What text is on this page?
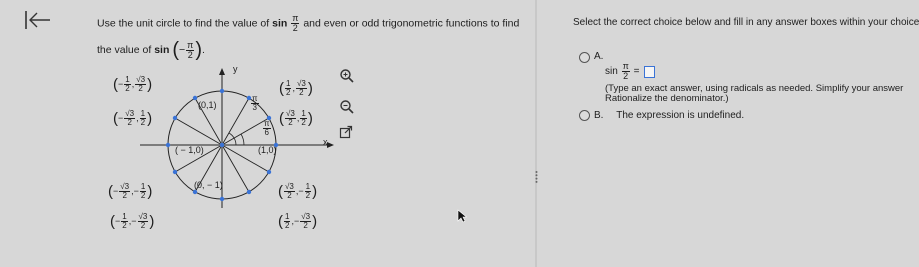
Use the unit circle to find the value of $\sin \frac{\pi}{2}$ and even or odd trigonometric functions to find
the value of sin (− $\frac{\pi}{2}$ ).
y
x
(0,1)
(0, − 1)
(1,0)
( − 1,0)
$\frac{\pi}{3}$
$\frac{\pi}{6}$
(− $\frac{1}{2}$ , $\frac{√3}{2}$ )
(− $\frac{√3}{2}$ , $\frac{1}{2}$ )
( $\frac{1}{2}$ , $\frac{√3}{2}$ )
( $\frac{√3}{2}$ , $\frac{1}{2}$ )
(− $\frac{√3}{2}$ ,− $\frac{1}{2}$ )
(− $\frac{1}{2}$ ,− $\frac{√3}{2}$ )
( $\frac{√3}{2}$ ,− $\frac{1}{2}$ )
( $\frac{1}{2}$ ,− $\frac{√3}{2}$ )
Select the correct choice below and fill in any answer boxes within your choice
A.
$\sin \frac{\pi}{2}$ =
(Type an exact answer, using radicals as needed. Simplify your answer
Rationalize the denominator.)
B. The expression is undefined.
